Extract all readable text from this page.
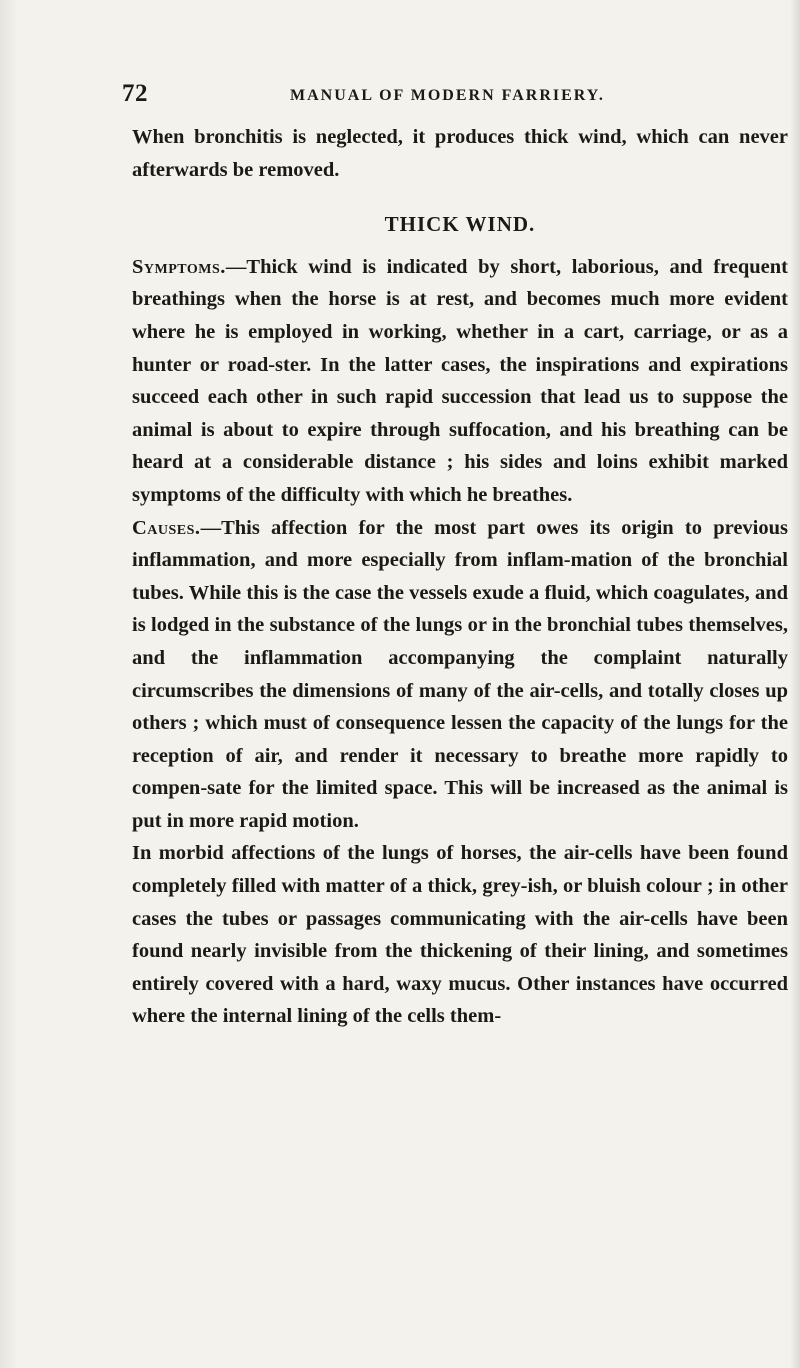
72	MANUAL OF MODERN FARRIERY.

When bronchitis is neglected, it produces thick wind, which can never afterwards be removed.

THICK WIND.

Symptoms.—Thick wind is indicated by short, laborious, and frequent breathings when the horse is at rest, and becomes much more evident where he is employed in working, whether in a cart, carriage, or as a hunter or road-ster. In the latter cases, the inspirations and expirations succeed each other in such rapid succession that lead us to suppose the animal is about to expire through suffocation, and his breathing can be heard at a considerable distance ; his sides and loins exhibit marked symptoms of the difficulty with which he breathes.

Causes.—This affection for the most part owes its origin to previous inflammation, and more especially from inflam-mation of the bronchial tubes. While this is the case the vessels exude a fluid, which coagulates, and is lodged in the substance of the lungs or in the bronchial tubes themselves, and the inflammation accompanying the complaint naturally circumscribes the dimensions of many of the air-cells, and totally closes up others ; which must of consequence lessen the capacity of the lungs for the reception of air, and render it necessary to breathe more rapidly to compen-sate for the limited space. This will be increased as the animal is put in more rapid motion.

In morbid affections of the lungs of horses, the air-cells have been found completely filled with matter of a thick, grey-ish, or bluish colour ; in other cases the tubes or passages communicating with the air-cells have been found nearly invisible from the thickening of their lining, and sometimes entirely covered with a hard, waxy mucus. Other instances have occurred where the internal lining of the cells them-
